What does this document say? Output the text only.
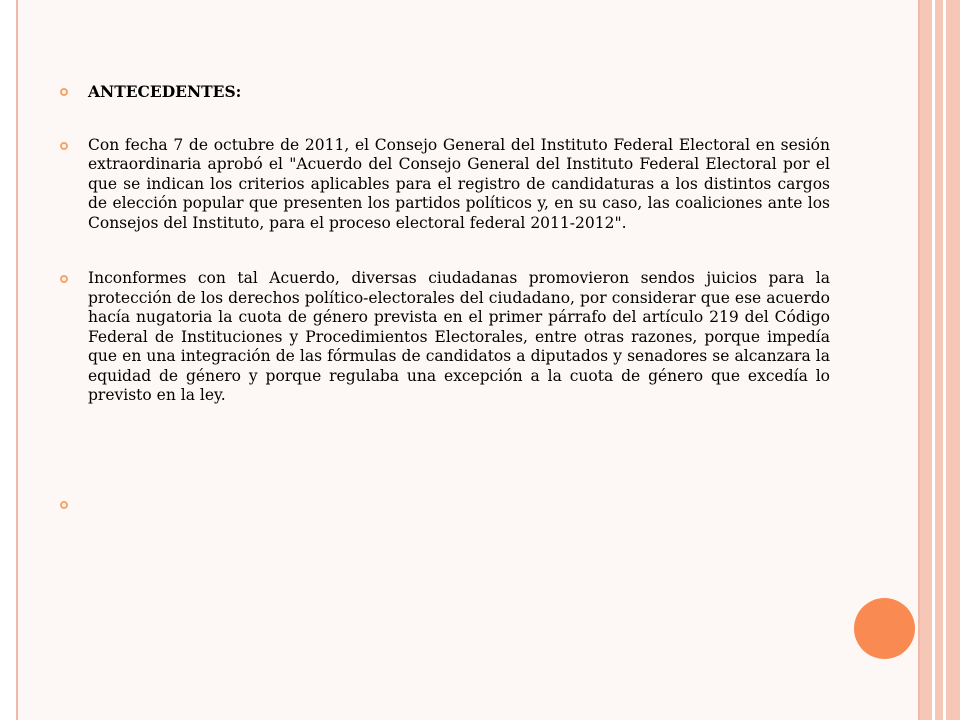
ANTECEDENTES:
Con fecha 7 de octubre de 2011, el Consejo General del Instituto Federal Electoral en sesión extraordinaria aprobó el "Acuerdo del Consejo General del Instituto Federal Electoral por el que se indican los criterios aplicables para el registro de candidaturas a los distintos cargos de elección popular que presenten los partidos políticos y, en su caso, las coaliciones ante los Consejos del Instituto, para el proceso electoral federal 2011-2012".
Inconformes con tal Acuerdo, diversas ciudadanas promovieron sendos juicios para la protección de los derechos político-electorales del ciudadano, por considerar que ese acuerdo hacía nugatoria la cuota de género prevista en el primer párrafo del artículo 219 del Código Federal de Instituciones y Procedimientos Electorales, entre otras razones, porque impedía que en una integración de las fórmulas de candidatos a diputados y senadores se alcanzara la equidad de género y porque regulaba una excepción a la cuota de género que excedía lo previsto en la ley.
